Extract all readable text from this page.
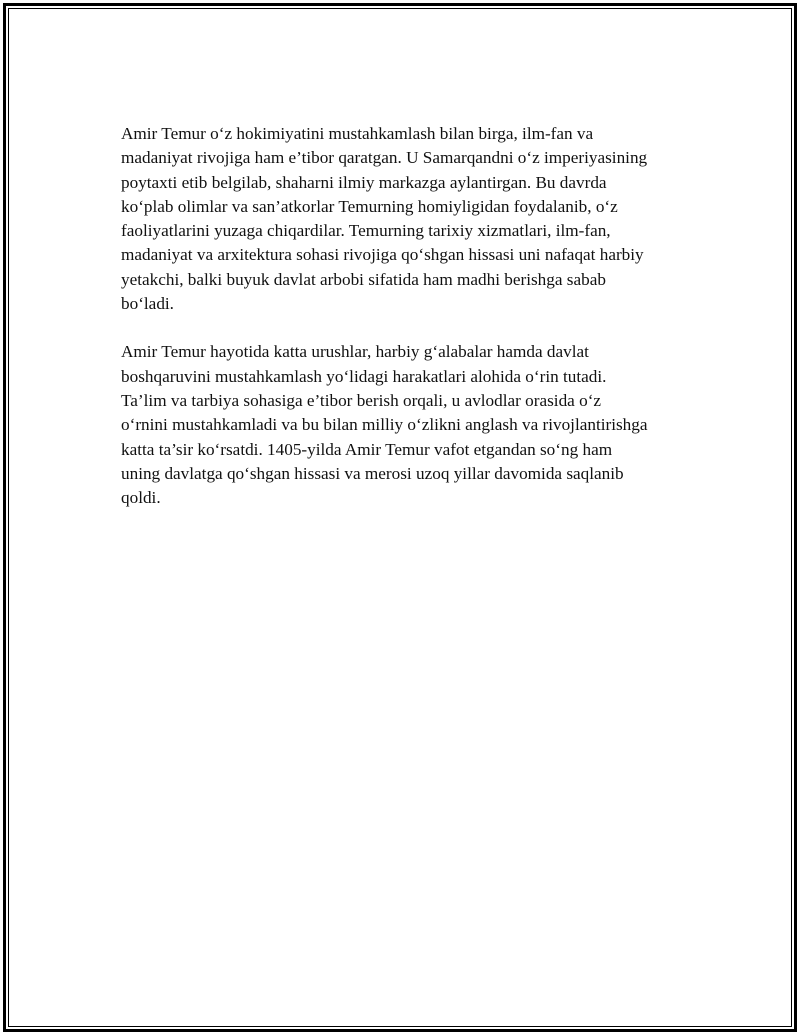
Amir Temur o‘z hokimiyatini mustahkamlash bilan birga, ilm-fan va
madaniyat rivojiga ham e’tibor qaratgan. U Samarqandni o‘z imperiyasining
poytaxti etib belgilab, shaharni ilmiy markazga aylantirgan. Bu davrda
ko‘plab olimlar va san’atkorlar Temurning homiyligidan foydalanib, o‘z
faoliyatlarini yuzaga chiqardilar. Temurning tarixiy xizmatlari, ilm-fan,
madaniyat va arxitektura sohasi rivojiga qo‘shgan hissasi uni nafaqat harbiy
yetakchi, balki buyuk davlat arbobi sifatida ham madhi berishga sabab
bo‘ladi.

Amir Temur hayotida katta urushlar, harbiy g‘alabalar hamda davlat
boshqaruvini mustahkamlash yo‘lidagi harakatlari alohida o‘rin tutadi.
Ta’lim va tarbiya sohasiga e’tibor berish orqali, u avlodlar orasida o‘z
o‘rnini mustahkamladi va bu bilan milliy o‘zlikni anglash va rivojlantirishga
katta ta’sir ko‘rsatdi. 1405-yilda Amir Temur vafot etgandan so‘ng ham
uning davlatga qo‘shgan hissasi va merosi uzoq yillar davomida saqlanib
qoldi.
